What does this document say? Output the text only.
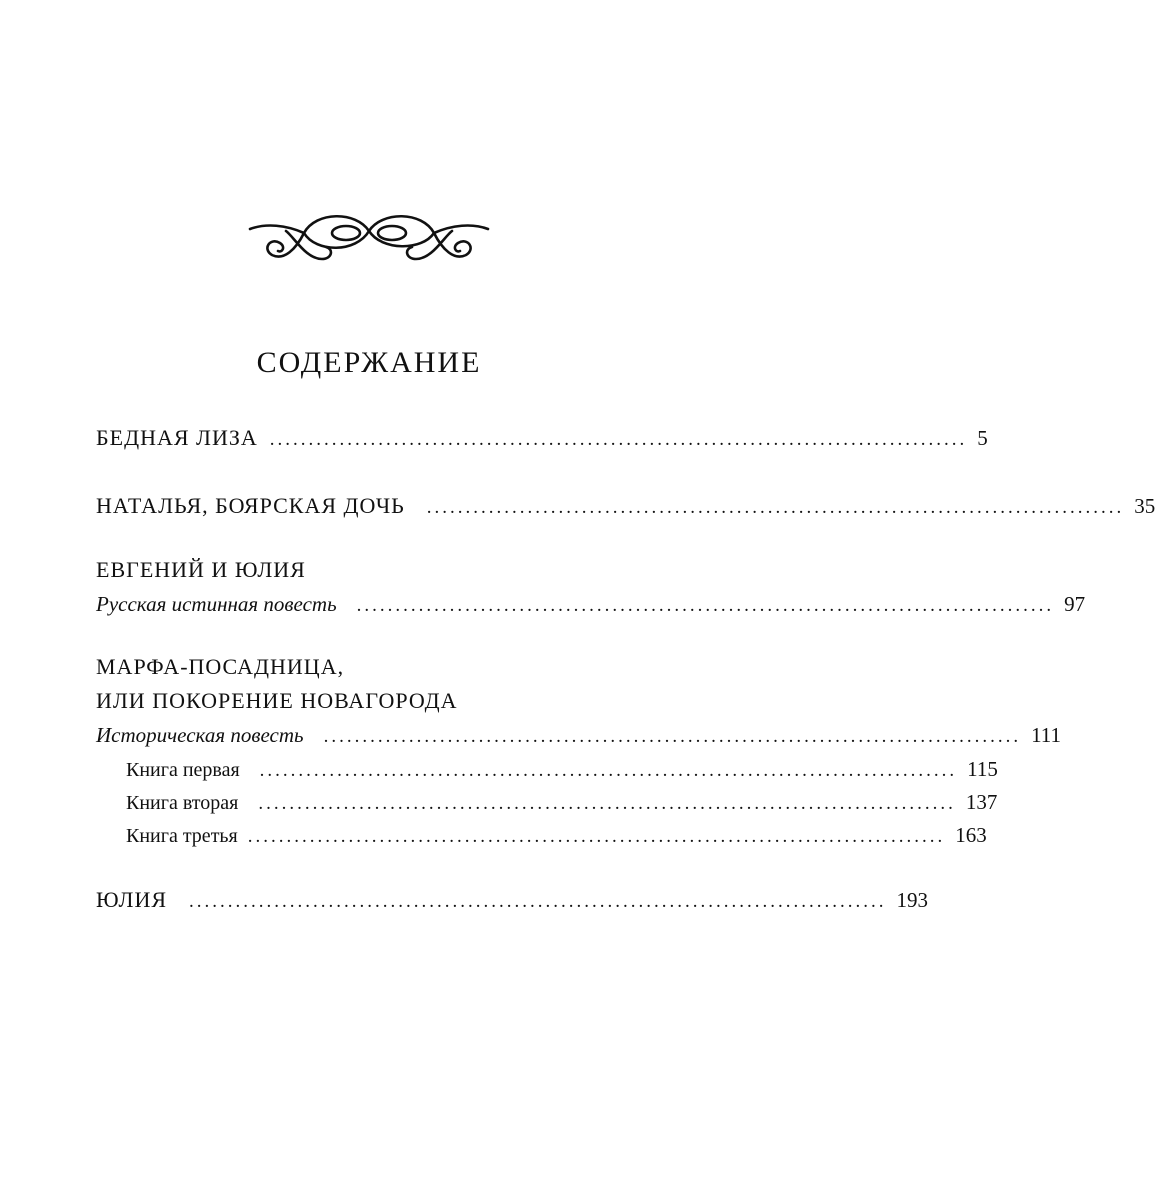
СОДЕРЖАНИЕ
БЕДНАЯ ЛИЗА .......................................................................................... 5
НАТАЛЬЯ, БОЯРСКАЯ ДОЧЬ .......................................................................................... 35
ЕВГЕНИЙ И ЮЛИЯ
Русская истинная повесть .......................................................................................... 97
МАРФА-ПОСАДНИЦА,
ИЛИ ПОКОРЕНИЕ НОВАГОРОДА
Историческая повесть .......................................................................................... 111
Книга первая .......................................................................................... 115
Книга вторая .......................................................................................... 137
Книга третья .......................................................................................... 163
ЮЛИЯ .......................................................................................... 193
